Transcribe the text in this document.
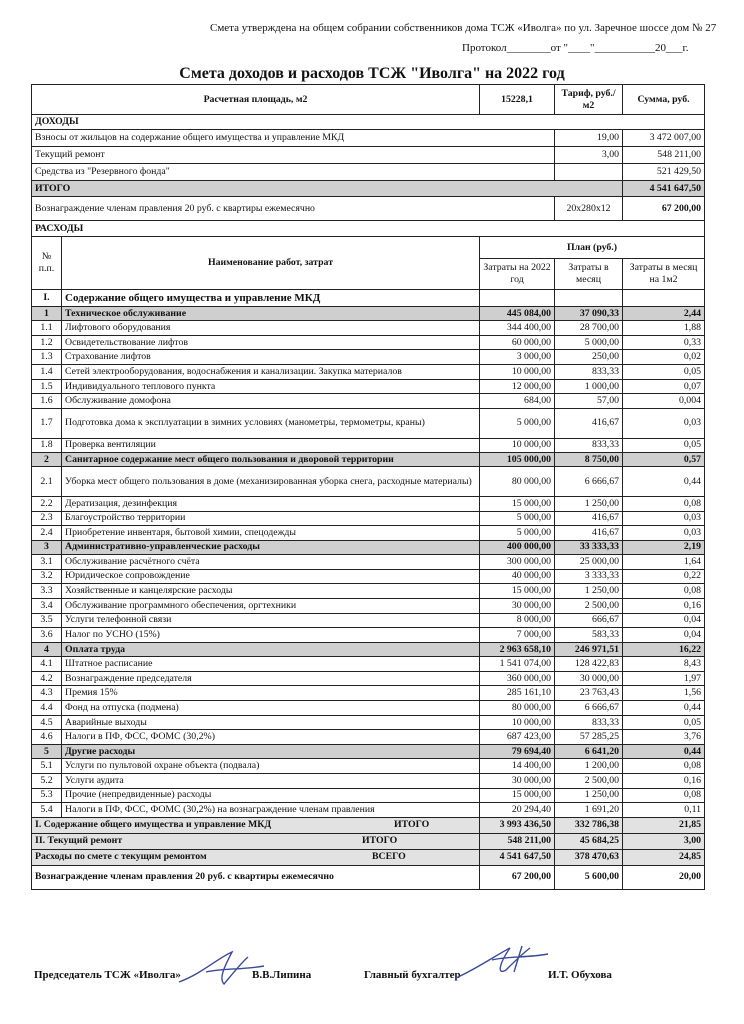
Смета утверждена на общем собрании собственников дома ТСЖ «Иволга» по ул. Заречное шоссе дом № 27
Протокол________от "____"___________20___г.
Смета доходов и расходов ТСЖ "Иволга" на 2022 год
Расчетная площадь, м2		15228,1	Тариф, руб./м2	Сумма, руб.
ДОХОДЫ				
Взносы от жильцов на содержание общего имущества и управление МКД			19,00	3 472 007,00
Текущий ремонт			3,00	548 211,00
Средства из "Резервного фонда"				521 429,50
ИТОГО				4 541 647,50
Вознаграждение членам правления 20 руб. с квартиры ежемесячно			20х280х12	67 200,00
РАСХОДЫ				
№ п.п.	Наименование работ, затрат	План (руб.)		
		Затраты на 2022 год	Затраты в месяц	Затраты в месяц на 1м2
I.	Содержание общего имущества и управление МКД			
1	Техническое обслуживание	445 084,00	37 090,33	2,44
1.1	Лифтового оборудования	344 400,00	28 700,00	1,88
1.2	Освидетельствование лифтов	60 000,00	5 000,00	0,33
1.3	Страхование лифтов	3 000,00	250,00	0,02
1.4	Сетей электрооборудования, водоснабжения и канализации. Закупка материалов	10 000,00	833,33	0,05
1.5	Индивидуального теплового пункта	12 000,00	1 000,00	0,07
1.6	Обслуживание домофона	684,00	57,00	0,004
1.7	Подготовка дома к эксплуатации в зимних условиях (манометры, термометры, краны)	5 000,00	416,67	0,03
1.8	Проверка вентиляции	10 000,00	833,33	0,05
2	Санитарное содержание мест общего пользования и дворовой территории	105 000,00	8 750,00	0,57
2.1	Уборка мест общего пользования в доме (механизированная уборка снега, расходные материалы)	80 000,00	6 666,67	0,44
2.2	Дератизация, дезинфекция	15 000,00	1 250,00	0,08
2.3	Благоустройство территории	5 000,00	416,67	0,03
2.4	Приобретение инвентаря, бытовой химии, спецодежды	5 000,00	416,67	0,03
3	Административно-управленческие расходы	400 000,00	33 333,33	2,19
3.1	Обслуживание расчётного счёта	300 000,00	25 000,00	1,64
3.2	Юридическое сопровождение	40 000,00	3 333,33	0,22
3.3	Хозяйственные и канцелярские расходы	15 000,00	1 250,00	0,08
3.4	Обслуживание программного обеспечения, оргтехники	30 000,00	2 500,00	0,16
3.5	Услуги телефонной связи	8 000,00	666,67	0,04
3.6	Налог по УСНО (15%)	7 000,00	583,33	0,04
4	Оплата труда	2 963 658,10	246 971,51	16,22
4.1	Штатное расписание	1 541 074,00	128 422,83	8,43
4.2	Вознаграждение председателя	360 000,00	30 000,00	1,97
4.3	Премия 15%	285 161,10	23 763,43	1,56
4.4	Фонд на отпуска (подмена)	80 000,00	6 666,67	0,44
4.5	Аварийные выходы	10 000,00	833,33	0,05
4.6	Налоги в ПФ, ФСС, ФОМС (30,2%)	687 423,00	57 285,25	3,76
5	Другие расходы	79 694,40	6 641,20	0,44
5.1	Услуги по пультовой охране объекта (подвала)	14 400,00	1 200,00	0,08
5.2	Услуги аудита	30 000,00	2 500,00	0,16
5.3	Прочие (непредвиденные) расходы	15 000,00	1 250,00	0,08
5.4	Налоги в ПФ, ФСС, ФОМС (30,2%) на вознаграждение членам правления	20 294,40	1 691,20	0,11
I. Содержание общего имущества и управление МКД ИТОГО		3 993 436,50	332 786,38	21,85
II. Текущий ремонт ИТОГО		548 211,00	45 684,25	3,00
Расходы по смете с текущим ремонтом ВСЕГО		4 541 647,50	378 470,63	24,85
Вознаграждение членам правления 20 руб. с квартиры ежемесячно		67 200,00	5 600,00	20,00
Председатель ТСЖ «Иволга»	В.В.Липина	Главный бухгалтер	И.Т. Обухова
